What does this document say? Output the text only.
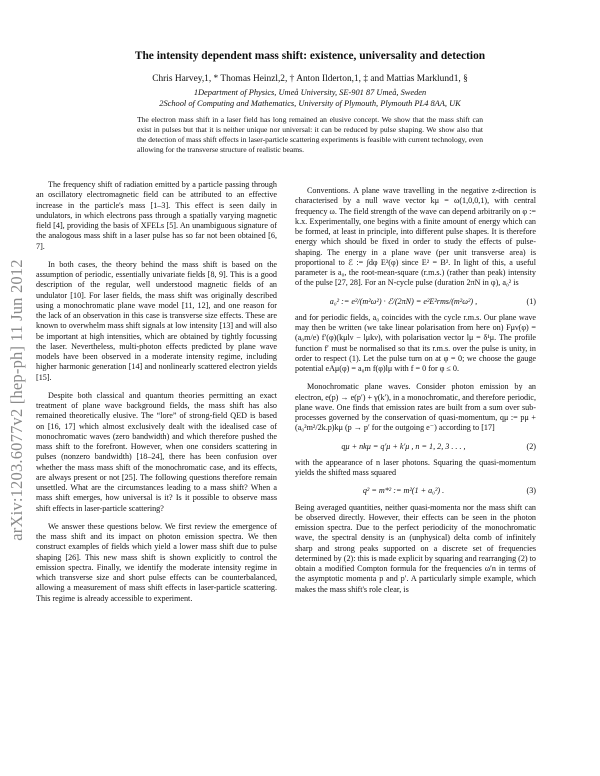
arXiv:1203.6077v2 [hep-ph] 11 Jun 2012
The intensity dependent mass shift: existence, universality and detection
Chris Harvey,1, * Thomas Heinzl,2, † Anton Ilderton,1, ‡ and Mattias Marklund1, §
1Department of Physics, Umeå University, SE-901 87 Umeå, Sweden
2School of Computing and Mathematics, University of Plymouth, Plymouth PL4 8AA, UK
The electron mass shift in a laser field has long remained an elusive concept. We show that the mass shift can exist in pulses but that it is neither unique nor universal: it can be reduced by pulse shaping. We show also that the detection of mass shift effects in laser-particle scattering experiments is feasible with current technology, even allowing for the transverse structure of realistic beams.

The frequency shift of radiation emitted by a particle passing through an oscillatory electromagnetic field can be attributed to an effective increase in the particle's mass [1–3]. This effect is seen daily in undulators, in which electrons pass through a spatially varying magnetic field [4], providing the basis of XFELs [5]. An unambiguous signature of the analogous mass shift in a laser pulse has so far not been obtained [6, 7].

In both cases, the theory behind the mass shift is based on the assumption of periodic, essentially univariate fields [8, 9]. This is a good description of the regular, well understood magnetic fields of an undulator [10]. For laser fields, the mass shift was originally described using a monochromatic plane wave model [11, 12], and one reason for the lack of an observation in this case is transverse size effects. These are known to overwhelm mass shift signals at low intensity [13] and will also be important at high intensities, which are obtained by tightly focussing the laser. Nevertheless, multi-photon effects predicted by plane wave models have been observed in a moderate intensity regime, including higher harmonic generation [14] and nonlinearly scattered electron yields [15].

Despite both classical and quantum theories permitting an exact treatment of plane wave background fields, the mass shift has also remained theoretically elusive. The “lore” of strong-field QED is based on [16, 17] which almost exclusively dealt with the idealised case of monochromatic waves (zero bandwidth) and which therefore pushed the mass shift to the forefront. However, when one considers scattering in pulses (nonzero bandwidth) [18–24], there has been confusion over whether the mass mass shift of the monochromatic case, and its effects, are always present or not [25]. The following questions therefore remain unsettled. What are the circumstances leading to a mass shift? When a mass shift emerges, how universal is it? Is it possible to observe mass shift effects in laser-particle scattering?

We answer these questions below. We first review the emergence of the mass shift and its impact on photon emission spectra. We then construct examples of fields which yield a lower mass shift due to pulse shaping [26]. This new mass shift is shown explicitly to control the emission spectra. Finally, we identify the moderate intensity regime in which transverse size and short pulse effects can be counterbalanced, allowing a measurement of mass shift effects in laser-particle scattering. This regime is already accessible to experiment.

Conventions. A plane wave travelling in the negative z-direction is characterised by a null wave vector kμ = ω(1,0,0,1), with central frequency ω. The field strength of the wave can depend arbitrarily on φ := k.x. Experimentally, one begins with a finite amount of energy which can be formed, at least in principle, into different pulse shapes. It is therefore energy which should be fixed in order to study the effects of pulse-shaping. The energy in a plane wave (per unit transverse area) is proportional to ℰ := ∫dφ E²(φ) since E² = B². In light of this, a useful parameter is a₀, the root-mean-square (r.m.s.) (rather than peak) intensity of the pulse [27, 28]. For an N-cycle pulse (duration 2πN in φ), a₀² is

a₀² := e²/(m²ω²) · ℰ/(2πN) = e²E²rms/(m²ω²) ,	(1)

and for periodic fields, a₀ coincides with the cycle r.m.s. Our plane wave may then be written (we take linear polarisation from here on) Fμν(φ) = (a₀m/e) f′(φ)(kμlν − lμkν), with polarisation vector lμ = δ¹μ. The profile function f′ must be normalised so that its r.m.s. over the pulse is unity, in order to respect (1). Let the pulse turn on at φ = 0; we choose the gauge potential eAμ(φ) = a₀m f(φ)lμ with f = 0 for φ ≤ 0.

Monochromatic plane waves. Consider photon emission by an electron, e(p) → e(p′) + γ(k′), in a monochromatic, and therefore periodic, plane wave. One finds that emission rates are built from a sum over sub-processes governed by the conservation of quasi-momentum, qμ := pμ + (a₀²m²/2k.p)kμ (p → p′ for the outgoing e⁻) according to [17]

qμ + nkμ = q′μ + k′μ , n = 1, 2, 3 . . . ,	(2)

with the appearance of n laser photons. Squaring the quasi-momentum yields the shifted mass squared

q² = m*² := m²(1 + a₀²) .	(3)

Being averaged quantities, neither quasi-momenta nor the mass shift can be observed directly. However, their effects can be seen in the photon emission spectra. Due to the perfect periodicity of the monochromatic wave, the spectral density is an (unphysical) delta comb of infinitely sharp and strong peaks supported on a discrete set of frequencies determined by (2): this is made explicit by squaring and rearranging (2) to obtain a modified Compton formula for the frequencies ω′n in terms of the asymptotic momenta p and p′. A particularly simple example, which makes the mass shift's role clear, is
